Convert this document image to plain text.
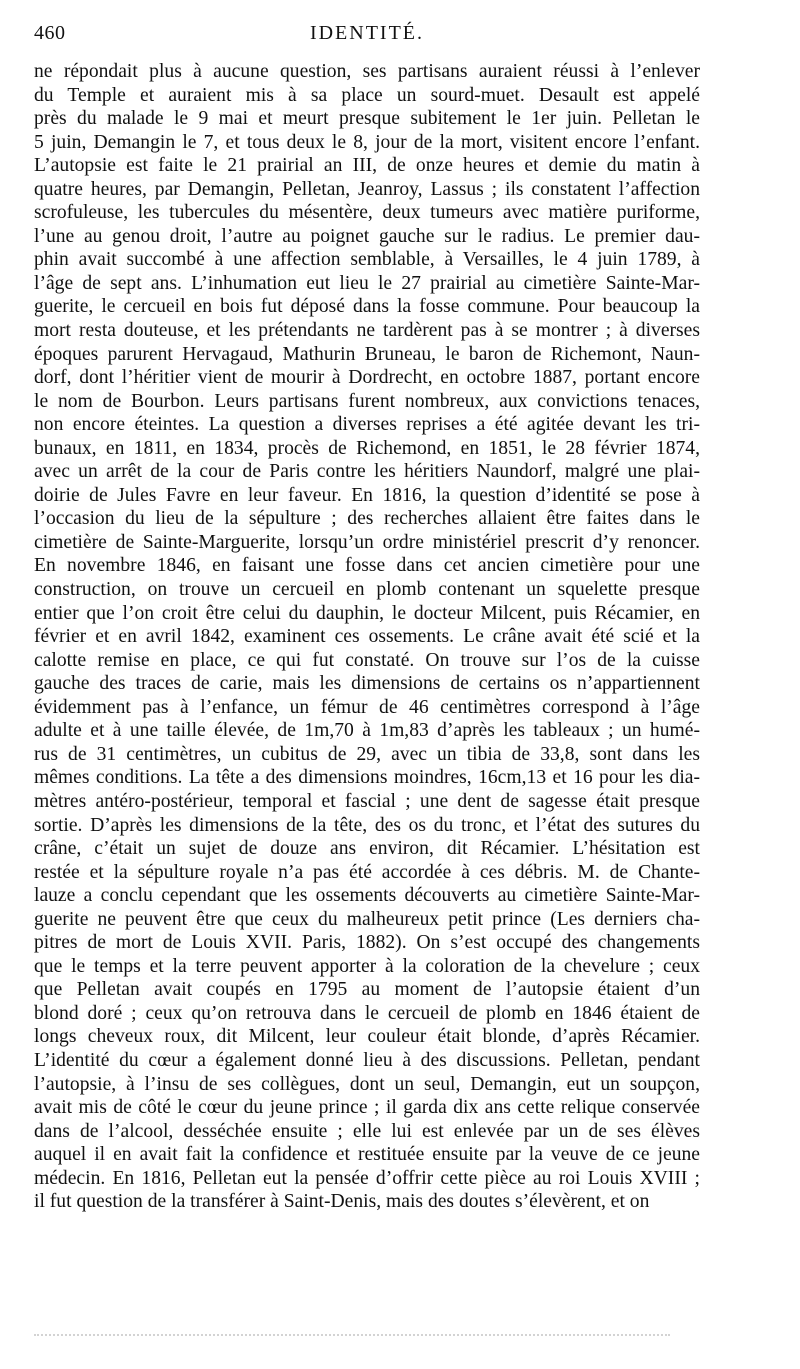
460	IDENTITÉ.
ne répondait plus à aucune question, ses partisans auraient réussi à l’enlever
du Temple et auraient mis à sa place un sourd-muet. Desault est appelé
près du malade le 9 mai et meurt presque subitement le 1er juin. Pelletan le
5 juin, Demangin le 7, et tous deux le 8, jour de la mort, visitent encore l’enfant.
L’autopsie est faite le 21 prairial an III, de onze heures et demie du matin à
quatre heures, par Demangin, Pelletan, Jeanroy, Lassus ; ils constatent l’affection
scrofuleuse, les tubercules du mésentère, deux tumeurs avec matière puriforme,
l’une au genou droit, l’autre au poignet gauche sur le radius. Le premier dau-
phin avait succombé à une affection semblable, à Versailles, le 4 juin 1789, à
l’âge de sept ans. L’inhumation eut lieu le 27 prairial au cimetière Sainte-Mar-
guerite, le cercueil en bois fut déposé dans la fosse commune. Pour beaucoup la
mort resta douteuse, et les prétendants ne tardèrent pas à se montrer ; à diverses
époques parurent Hervagaud, Mathurin Bruneau, le baron de Richemont, Naun-
dorf, dont l’héritier vient de mourir à Dordrecht, en octobre 1887, portant encore
le nom de Bourbon. Leurs partisans furent nombreux, aux convictions tenaces,
non encore éteintes. La question a diverses reprises a été agitée devant les tri-
bunaux, en 1811, en 1834, procès de Richemond, en 1851, le 28 février 1874,
avec un arrêt de la cour de Paris contre les héritiers Naundorf, malgré une plai-
doirie de Jules Favre en leur faveur. En 1816, la question d’identité se pose à
l’occasion du lieu de la sépulture ; des recherches allaient être faites dans le
cimetière de Sainte-Marguerite, lorsqu’un ordre ministériel prescrit d’y renoncer.
En novembre 1846, en faisant une fosse dans cet ancien cimetière pour une
construction, on trouve un cercueil en plomb contenant un squelette presque
entier que l’on croit être celui du dauphin, le docteur Milcent, puis Récamier, en
février et en avril 1842, examinent ces ossements. Le crâne avait été scié et la
calotte remise en place, ce qui fut constaté. On trouve sur l’os de la cuisse
gauche des traces de carie, mais les dimensions de certains os n’appartiennent
évidemment pas à l’enfance, un fémur de 46 centimètres correspond à l’âge
adulte et à une taille élevée, de 1m,70 à 1m,83 d’après les tableaux ; un humé-
rus de 31 centimètres, un cubitus de 29, avec un tibia de 33,8, sont dans les
mêmes conditions. La tête a des dimensions moindres, 16cm,13 et 16 pour les dia-
mètres antéro-postérieur, temporal et fascial ; une dent de sagesse était presque
sortie. D’après les dimensions de la tête, des os du tronc, et l’état des sutures du
crâne, c’était un sujet de douze ans environ, dit Récamier. L’hésitation est
restée et la sépulture royale n’a pas été accordée à ces débris. M. de Chante-
lauze a conclu cependant que les ossements découverts au cimetière Sainte-Mar-
guerite ne peuvent être que ceux du malheureux petit prince (Les derniers cha-
pitres de mort de Louis XVII. Paris, 1882). On s’est occupé des changements
que le temps et la terre peuvent apporter à la coloration de la chevelure ; ceux
que Pelletan avait coupés en 1795 au moment de l’autopsie étaient d’un
blond doré ; ceux qu’on retrouva dans le cercueil de plomb en 1846 étaient de
longs cheveux roux, dit Milcent, leur couleur était blonde, d’après Récamier.
L’identité du cœur a également donné lieu à des discussions. Pelletan, pendant
l’autopsie, à l’insu de ses collègues, dont un seul, Demangin, eut un soupçon,
avait mis de côté le cœur du jeune prince ; il garda dix ans cette relique conservée
dans de l’alcool, desséchée ensuite ; elle lui est enlevée par un de ses élèves
auquel il en avait fait la confidence et restituée ensuite par la veuve de ce jeune
médecin. En 1816, Pelletan eut la pensée d’offrir cette pièce au roi Louis XVIII ;
il fut question de la transférer à Saint-Denis, mais des doutes s’élevèrent, et on
